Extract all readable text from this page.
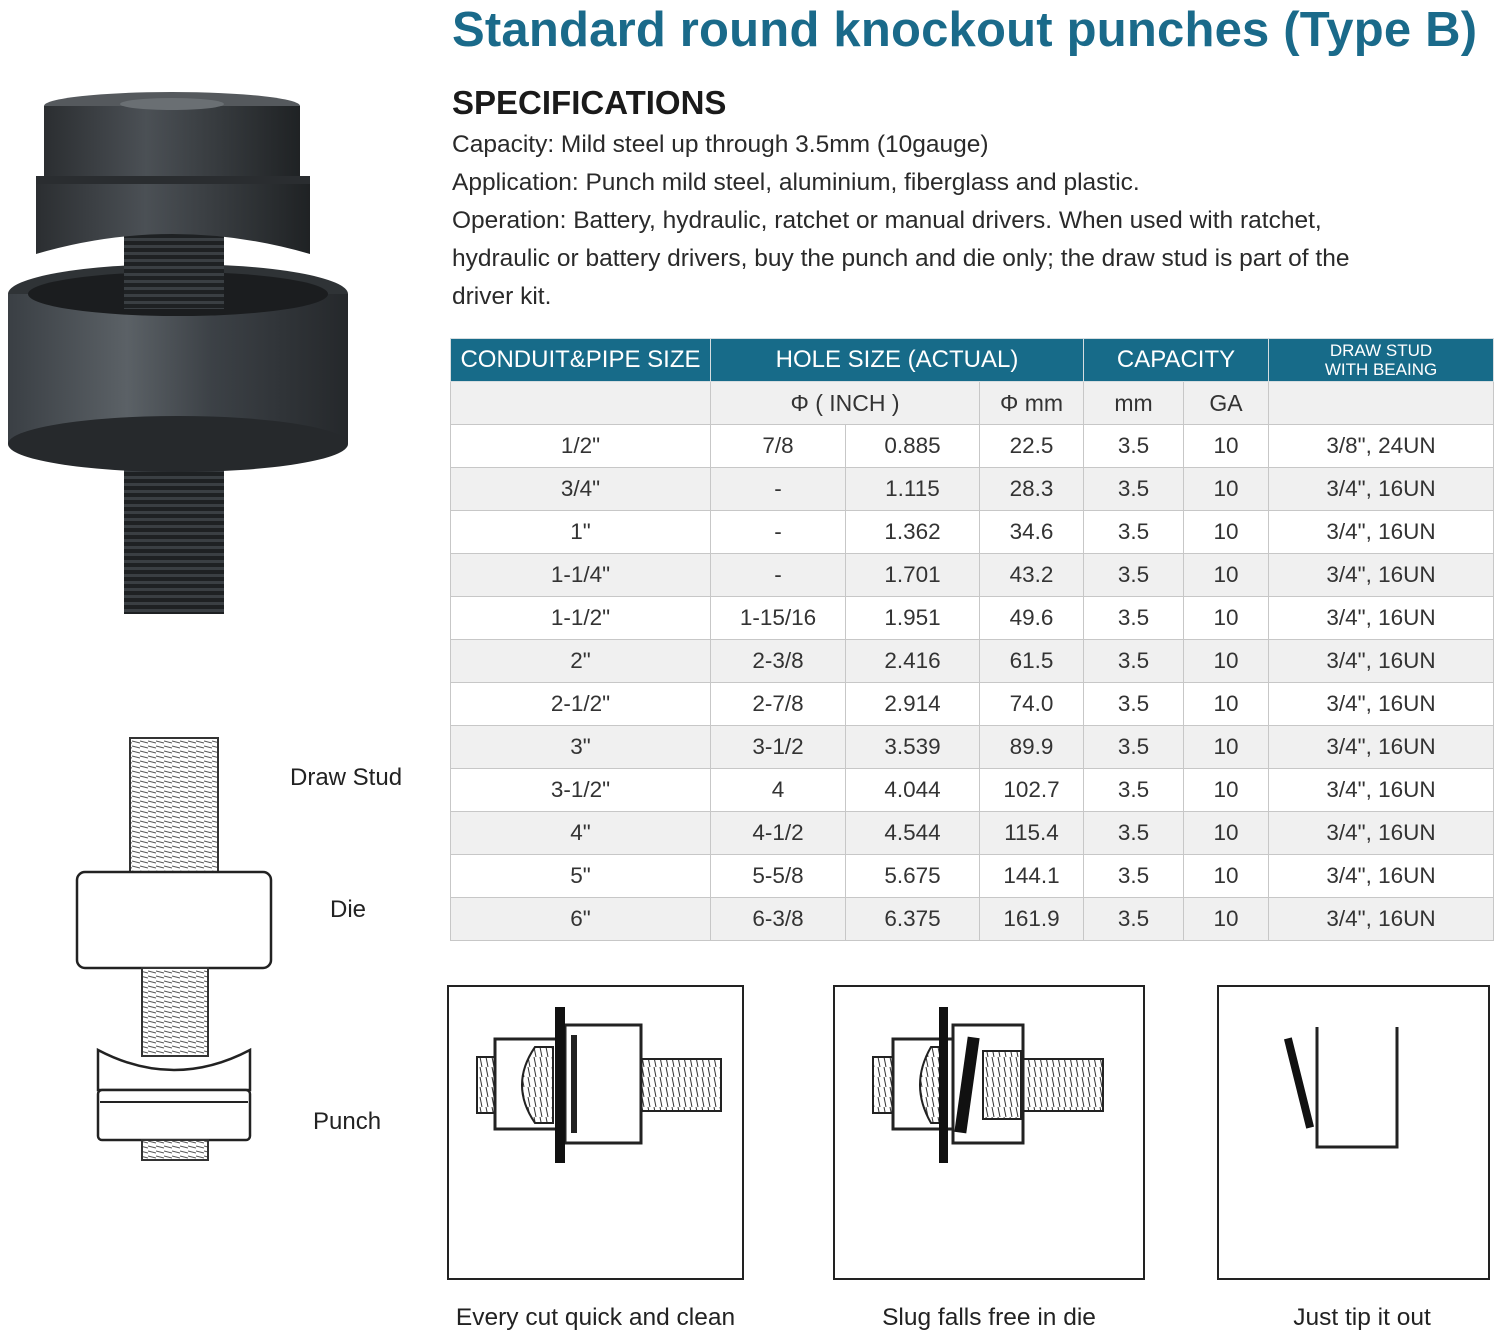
Standard round knockout punches (Type B)
SPECIFICATIONS

Capacity: Mild steel up through 3.5mm (10gauge)

Application: Punch mild steel, aluminium, fiberglass and plastic.

Operation: Battery, hydraulic, ratchet or manual drivers. When used with ratchet,

hydraulic or battery drivers, buy the punch and die only; the draw stud is part of the

driver kit.

Draw Stud
Die
Punch
CONDUIT&PIPE SIZE	HOLE SIZE (ACTUAL)			CAPACITY		DRAW STUD
WITH BEAING

	Φ ( INCH )		Φ mm	mm	GA	
1/2"	7/8	0.885	22.5	3.5	10	3/8", 24UN
3/4"	-	1.115	28.3	3.5	10	3/4", 16UN
1"	-	1.362	34.6	3.5	10	3/4", 16UN
1-1/4"	-	1.701	43.2	3.5	10	3/4", 16UN
1-1/2"	1-15/16	1.951	49.6	3.5	10	3/4", 16UN
2"	2-3/8	2.416	61.5	3.5	10	3/4", 16UN
2-1/2"	2-7/8	2.914	74.0	3.5	10	3/4", 16UN
3"	3-1/2	3.539	89.9	3.5	10	3/4", 16UN
3-1/2"	4	4.044	102.7	3.5	10	3/4", 16UN
4"	4-1/2	4.544	115.4	3.5	10	3/4", 16UN
5"	5-5/8	5.675	144.1	3.5	10	3/4", 16UN
6"	6-3/8	6.375	161.9	3.5	10	3/4", 16UN
Every cut quick and clean	Slug falls free in die	Just tip it out
